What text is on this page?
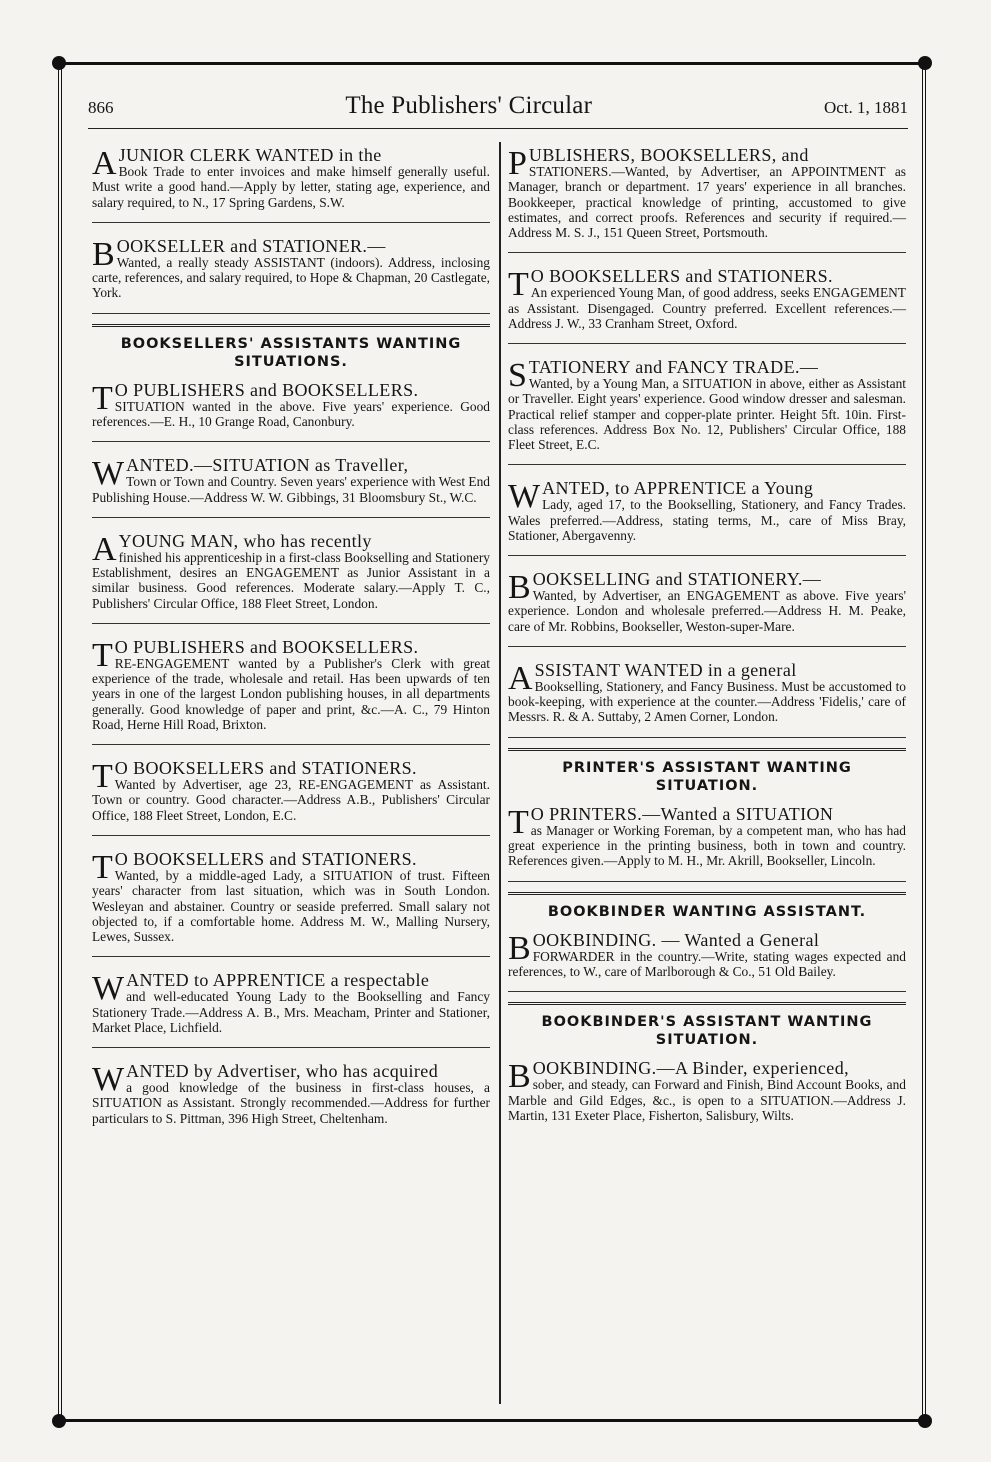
866	The Publishers' Circular	Oct. 1, 1881
A JUNIOR CLERK WANTED in the
Book Trade to enter invoices and make himself generally useful. Must write a good hand.—Apply by letter, stating age, experience, and salary required, to N., 17 Spring Gardens, S.W.
BOOKSELLER and STATIONER.—
Wanted, a really steady ASSISTANT (indoors). Address, inclosing carte, references, and salary required, to Hope & Chapman, 20 Castlegate, York.
BOOKSELLERS' ASSISTANTS WANTING SITUATIONS.
T O PUBLISHERS and BOOKSELLERS.
SITUATION wanted in the above. Five years' experience. Good references.—E. H., 10 Grange Road, Canonbury.
WANTED.—SITUATION as Traveller,
Town or Town and Country. Seven years' experience with West End Publishing House.—Address W. W. Gibbings, 31 Bloomsbury St., W.C.
A YOUNG MAN, who has recently
finished his apprenticeship in a first-class Bookselling and Stationery Establishment, desires an ENGAGEMENT as Junior Assistant in a similar business. Good references. Moderate salary.—Apply T. C., Publishers' Circular Office, 188 Fleet Street, London.
T O PUBLISHERS and BOOKSELLERS.
RE-ENGAGEMENT wanted by a Publisher's Clerk with great experience of the trade, wholesale and retail. Has been upwards of ten years in one of the largest London publishing houses, in all departments generally. Good knowledge of paper and print, &c.—A. C., 79 Hinton Road, Herne Hill Road, Brixton.
T O BOOKSELLERS and STATIONERS.
Wanted by Advertiser, age 23, RE-ENGAGEMENT as Assistant. Town or country. Good character.—Address A.B., Publishers' Circular Office, 188 Fleet Street, London, E.C.
T O BOOKSELLERS and STATIONERS.
Wanted, by a middle-aged Lady, a SITUATION of trust. Fifteen years' character from last situation, which was in South London. Wesleyan and abstainer. Country or seaside preferred. Small salary not objected to, if a comfortable home. Address M. W., Malling Nursery, Lewes, Sussex.
WANTED to APPRENTICE a respectable
and well-educated Young Lady to the Bookselling and Fancy Stationery Trade.—Address A. B., Mrs. Meacham, Printer and Stationer, Market Place, Lichfield.
WANTED by Advertiser, who has acquired
a good knowledge of the business in first-class houses, a SITUATION as Assistant. Strongly recommended.—Address for further particulars to S. Pittman, 396 High Street, Cheltenham.
PUBLISHERS, BOOKSELLERS, and
STATIONERS.—Wanted, by Advertiser, an APPOINTMENT as Manager, branch or department. 17 years' experience in all branches. Bookkeeper, practical knowledge of printing, accustomed to give estimates, and correct proofs. References and security if required.—Address M. S. J., 151 Queen Street, Portsmouth.
T O BOOKSELLERS and STATIONERS.
An experienced Young Man, of good address, seeks ENGAGEMENT as Assistant. Disengaged. Country preferred. Excellent references.—Address J. W., 33 Cranham Street, Oxford.
STATIONERY and FANCY TRADE.—
Wanted, by a Young Man, a SITUATION in above, either as Assistant or Traveller. Eight years' experience. Good window dresser and salesman. Practical relief stamper and copper-plate printer. Height 5ft. 10in. First-class references. Address Box No. 12, Publishers' Circular Office, 188 Fleet Street, E.C.
WANTED, to APPRENTICE a Young
Lady, aged 17, to the Bookselling, Stationery, and Fancy Trades. Wales preferred.—Address, stating terms, M., care of Miss Bray, Stationer, Abergavenny.
BOOKSELLING and STATIONERY.—
Wanted, by Advertiser, an ENGAGEMENT as above. Five years' experience. London and wholesale preferred.—Address H. M. Peake, care of Mr. Robbins, Bookseller, Weston-super-Mare.
ASSISTANT WANTED in a general
Bookselling, Stationery, and Fancy Business. Must be accustomed to book-keeping, with experience at the counter.—Address 'Fidelis,' care of Messrs. R. & A. Suttaby, 2 Amen Corner, London.
PRINTER'S ASSISTANT WANTING SITUATION.
T O PRINTERS.—Wanted a SITUATION
as Manager or Working Foreman, by a competent man, who has had great experience in the printing business, both in town and country. References given.—Apply to M. H., Mr. Akrill, Bookseller, Lincoln.
BOOKBINDER WANTING ASSISTANT.
BOOKBINDING. — Wanted a General
FORWARDER in the country.—Write, stating wages expected and references, to W., care of Marlborough & Co., 51 Old Bailey.
BOOKBINDER'S ASSISTANT WANTING SITUATION.
BOOKBINDING.—A Binder, experienced,
sober, and steady, can Forward and Finish, Bind Account Books, and Marble and Gild Edges, &c., is open to a SITUATION.—Address J. Martin, 131 Exeter Place, Fisherton, Salisbury, Wilts.
